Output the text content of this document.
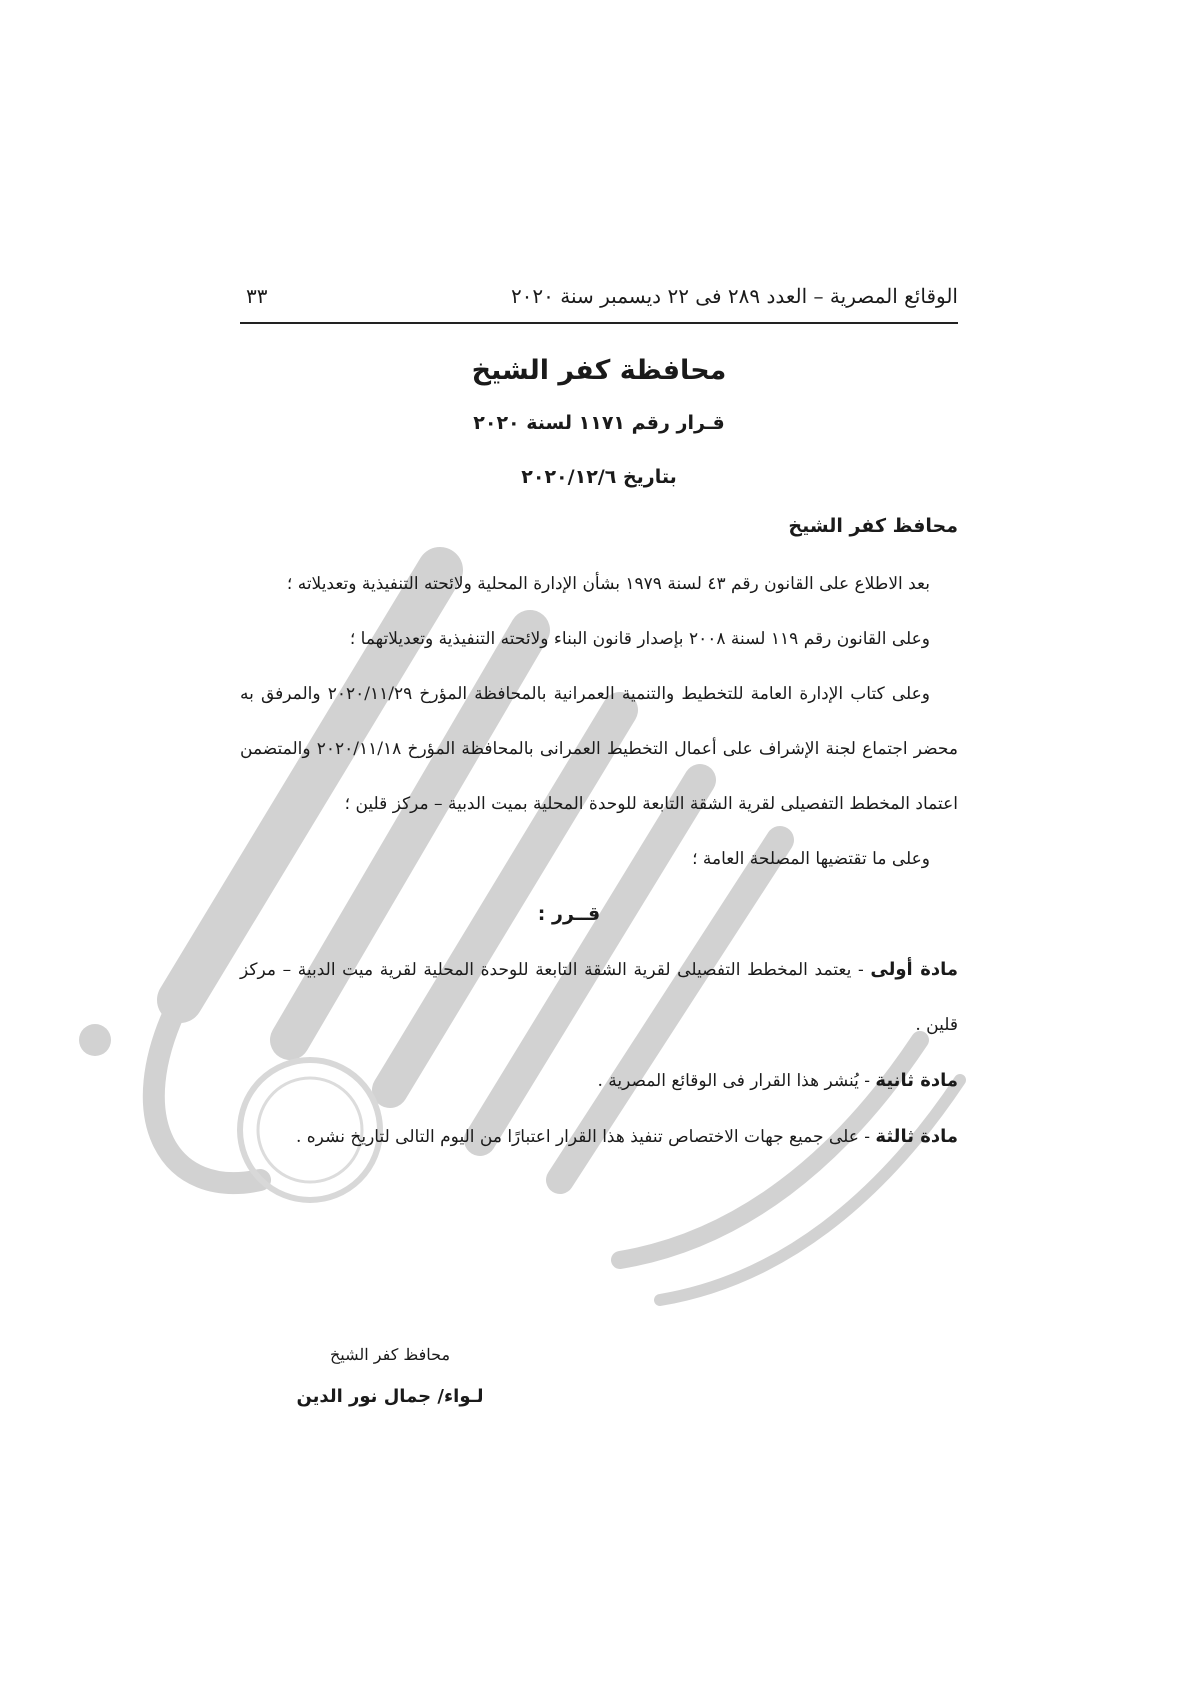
الوقائع المصرية – العدد ٢٨٩ فى ٢٢ ديسمبر سنة ٢٠٢٠
٣٣
محافظة كفر الشيخ
قـرار رقم ١١٧١ لسنة ٢٠٢٠
بتاريخ ٢٠٢٠/١٢/٦
محافظ كفر الشيخ

بعد الاطلاع على القانون رقم ٤٣ لسنة ١٩٧٩ بشأن الإدارة المحلية ولائحته التنفيذية وتعديلاته ؛

وعلى القانون رقم ١١٩ لسنة ٢٠٠٨ بإصدار قانون البناء ولائحته التنفيذية وتعديلاتهما ؛

وعلى كتاب الإدارة العامة للتخطيط والتنمية العمرانية بالمحافظة المؤرخ ٢٠٢٠/١١/٢٩ والمرفق به محضر اجتماع لجنة الإشراف على أعمال التخطيط العمرانى بالمحافظة المؤرخ ٢٠٢٠/١١/١٨ والمتضمن اعتماد المخطط التفصيلى لقرية الشقة التابعة للوحدة المحلية بميت الدبية – مركز قلين ؛

وعلى ما تقتضيها المصلحة العامة ؛

قــرر :

مادة أولى - يعتمد المخطط التفصيلى لقرية الشقة التابعة للوحدة المحلية لقرية ميت الدبية – مركز قلين .

مادة ثانية - يُنشر هذا القرار فى الوقائع المصرية .

مادة ثالثة - على جميع جهات الاختصاص تنفيذ هذا القرار اعتبارًا من اليوم التالى لتاريخ نشره .

محافظ كفر الشيخ
لـواء/ جمال نور الدين
